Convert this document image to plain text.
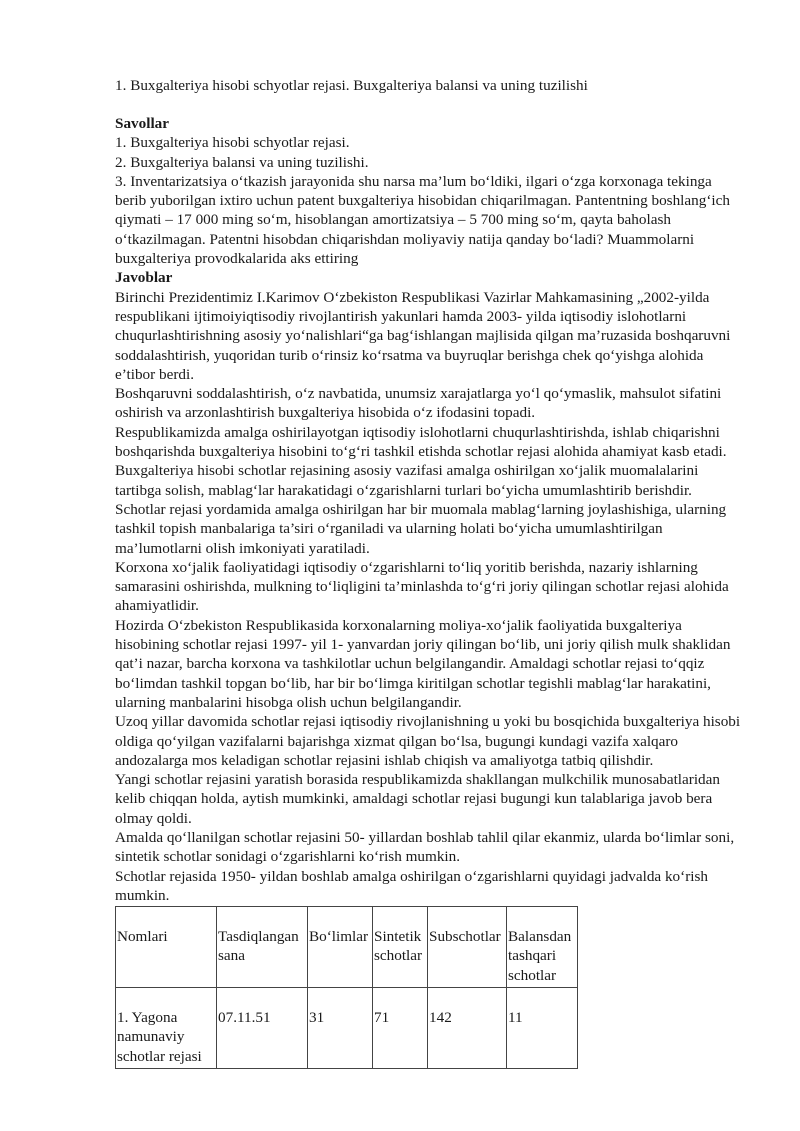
1. Buxgalteriya hisobi schyotlar rejasi. Buxgalteriya balansi va uning tuzilishi

Savollar

1. Buxgalteriya hisobi schyotlar rejasi.

2. Buxgalteriya balansi va uning tuzilishi.

3. Inventarizatsiya o‘tkazish jarayonida shu narsa ma’lum bo‘ldiki, ilgari o‘zga korxonaga tekinga berib yuborilgan ixtiro uchun patent buxgalteriya hisobidan chiqarilmagan. Pantentning boshlang‘ich qiymati – 17 000 ming so‘m, hisoblangan amortizatsiya – 5 700 ming so‘m, qayta baholash o‘tkazilmagan. Patentni hisobdan chiqarishdan moliyaviy natija qanday bo‘ladi? Muammolarni buxgalteriya provodkalarida aks ettiring

Javoblar

Birinchi Prezidentimiz I.Karimov O‘zbekiston Respublikasi Vazirlar Mahkamasining „2002-yilda respublikani ijtimoiyiqtisodiy rivojlantirish yakunlari hamda 2003- yilda iqtisodiy islohotlarni chuqurlashtirishning asosiy yo‘nalishlari“ga bag‘ishlangan majlisida qilgan ma’ruzasida boshqaruvni soddalashtirish, yuqoridan turib o‘rinsiz ko‘rsatma va buyruqlar berishga chek qo‘yishga alohida e’tibor berdi.

Boshqaruvni soddalashtirish, o‘z navbatida, unumsiz xarajatlarga yo‘l qo‘ymaslik, mahsulot sifatini oshirish va arzonlashtirish buxgalteriya hisobida o‘z ifodasini topadi.

Respublikamizda amalga oshirilayotgan iqtisodiy islohotlarni chuqurlashtirishda, ishlab chiqarishni boshqarishda buxgalteriya hisobini to‘g‘ri tashkil etishda schotlar rejasi alohida ahamiyat kasb etadi.

Buxgalteriya hisobi schotlar rejasining asosiy vazifasi amalga oshirilgan xo‘jalik muomalalarini tartibga solish, mablag‘lar harakatidagi o‘zgarishlarni turlari bo‘yicha umumlashtirib berishdir. Schotlar rejasi yordamida amalga oshirilgan har bir muomala mablag‘larning joylashishiga, ularning tashkil topish manbalariga ta’siri o‘rganiladi va ularning holati bo‘yicha umumlashtirilgan ma’lumotlarni olish imkoniyati yaratiladi.

Korxona xo‘jalik faoliyatidagi iqtisodiy o‘zgarishlarni to‘liq yoritib berishda, nazariy ishlarning samarasini oshirishda, mulkning to‘liqligini ta’minlashda to‘g‘ri joriy qilingan schotlar rejasi alohida ahamiyatlidir.

Hozirda O‘zbekiston Respublikasida korxonalarning moliya-xo‘jalik faoliyatida buxgalteriya hisobining schotlar rejasi 1997- yil 1- yanvardan joriy qilingan bo‘lib, uni joriy qilish mulk shaklidan qat’i nazar, barcha korxona va tashkilotlar uchun belgilangandir. Amaldagi schotlar rejasi to‘qqiz bo‘limdan tashkil topgan bo‘lib, har bir bo‘limga kiritilgan schotlar tegishli mablag‘lar harakatini, ularning manbalarini hisobga olish uchun belgilangandir.

Uzoq yillar davomida schotlar rejasi iqtisodiy rivojlanishning u yoki bu bosqichida buxgalteriya hisobi oldiga qo‘yilgan vazifalarni bajarishga xizmat qilgan bo‘lsa, bugungi kundagi vazifa xalqaro andozalarga mos keladigan schotlar rejasini ishlab chiqish va amaliyotga tatbiq qilishdir.

Yangi schotlar rejasini yaratish borasida respublikamizda shakllangan mulkchilik munosabatlaridan kelib chiqqan holda, aytish mumkinki, amaldagi schotlar rejasi bugungi kun talablariga javob bera olmay qoldi.

Amalda qo‘llanilgan schotlar rejasini 50- yillardan boshlab tahlil qilar ekanmiz, ularda bo‘limlar soni, sintetik schotlar sonidagi o‘zgarishlarni ko‘rish mumkin.

Schotlar rejasida 1950- yildan boshlab amalga oshirilgan o‘zgarishlarni quyidagi jadvalda ko‘rish mumkin.

Nomlari	Tasdiqlangan sana	Bo‘limlar	Sintetik schotlar	Subschotlar	Balansdan tashqari schotlar
1. Yagona namunaviy schotlar rejasi	07.11.51	31	71	142	11
